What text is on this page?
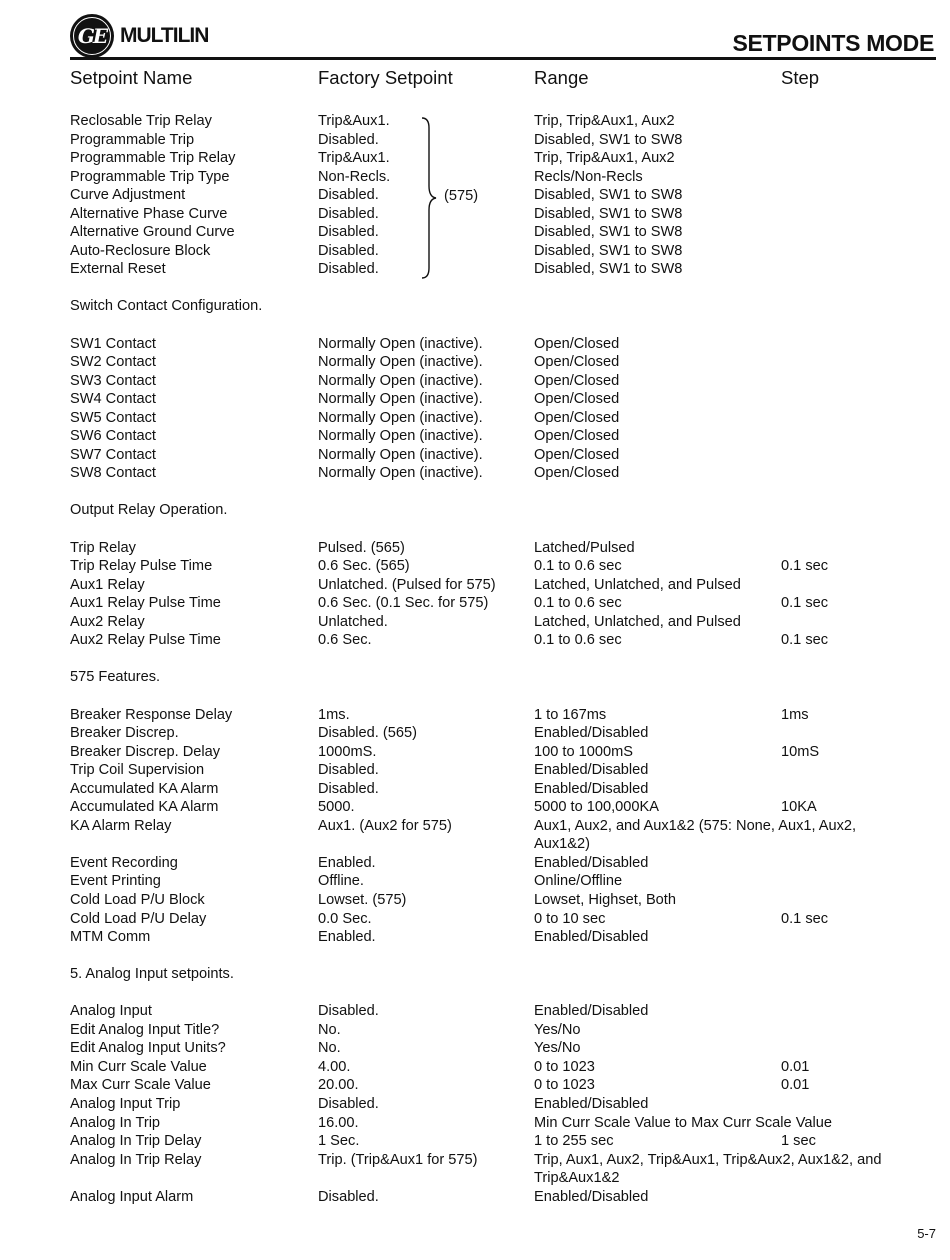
GE MULTILIN	SETPOINTS MODE
Setpoint Name	Factory Setpoint	Range	Step
(575)
Reclosable Trip Relay	Trip&Aux1.	Trip, Trip&Aux1, Aux2
Programmable Trip	Disabled.	Disabled, SW1 to SW8
Programmable Trip Relay	Trip&Aux1.	Trip, Trip&Aux1, Aux2
Programmable Trip Type	Non-Recls.	Recls/Non-Recls
Curve Adjustment	Disabled.	Disabled, SW1 to SW8
Alternative Phase Curve	Disabled.	Disabled, SW1 to SW8
Alternative Ground Curve	Disabled.	Disabled, SW1 to SW8
Auto-Reclosure Block	Disabled.	Disabled, SW1 to SW8
External Reset	Disabled.	Disabled, SW1 to SW8
Switch Contact Configuration.
SW1 Contact	Normally Open (inactive).	Open/Closed
SW2 Contact	Normally Open (inactive).	Open/Closed
SW3 Contact	Normally Open (inactive).	Open/Closed
SW4 Contact	Normally Open (inactive).	Open/Closed
SW5 Contact	Normally Open (inactive).	Open/Closed
SW6 Contact	Normally Open (inactive).	Open/Closed
SW7 Contact	Normally Open (inactive).	Open/Closed
SW8 Contact	Normally Open (inactive).	Open/Closed
Output Relay Operation.
Trip Relay	Pulsed. (565)	Latched/Pulsed
Trip Relay Pulse Time	0.6 Sec. (565)	0.1 to 0.6 sec	0.1 sec
Aux1 Relay	Unlatched. (Pulsed for 575)	Latched, Unlatched, and Pulsed
Aux1 Relay Pulse Time	0.6 Sec. (0.1 Sec. for 575)	0.1 to 0.6 sec	0.1 sec
Aux2 Relay	Unlatched.	Latched, Unlatched, and Pulsed
Aux2 Relay Pulse Time	0.6 Sec.	0.1 to 0.6 sec	0.1 sec
575 Features.
Breaker Response Delay	1ms.	1 to 167ms	1ms
Breaker Discrep.	Disabled. (565)	Enabled/Disabled
Breaker Discrep. Delay	1000mS.	100 to 1000mS	10mS
Trip Coil Supervision	Disabled.	Enabled/Disabled
Accumulated KA Alarm	Disabled.	Enabled/Disabled
Accumulated KA Alarm	5000.	5000 to 100,000KA	10KA
KA Alarm Relay	Aux1. (Aux2 for 575)	Aux1, Aux2, and Aux1&2 (575: None, Aux1, Aux2,
Aux1&2)
Event Recording	Enabled.	Enabled/Disabled
Event Printing	Offline.	Online/Offline
Cold Load P/U Block	Lowset. (575)	Lowset, Highset, Both
Cold Load P/U Delay	0.0 Sec.	0 to 10 sec	0.1 sec
MTM Comm	Enabled.	Enabled/Disabled
5. Analog Input setpoints.
Analog Input	Disabled.	Enabled/Disabled
Edit Analog Input Title?	No.	Yes/No
Edit Analog Input Units?	No.	Yes/No
Min Curr Scale Value	4.00.	0 to 1023	0.01
Max Curr Scale Value	20.00.	0 to 1023	0.01
Analog Input Trip	Disabled.	Enabled/Disabled
Analog In Trip	16.00.	Min Curr Scale Value to Max Curr Scale Value
Analog In Trip Delay	1 Sec.	1 to 255 sec	1 sec
Analog In Trip Relay	Trip. (Trip&Aux1 for 575)	Trip, Aux1, Aux2, Trip&Aux1, Trip&Aux2, Aux1&2, and
Trip&Aux1&2
Analog Input Alarm	Disabled.	Enabled/Disabled
5-7
